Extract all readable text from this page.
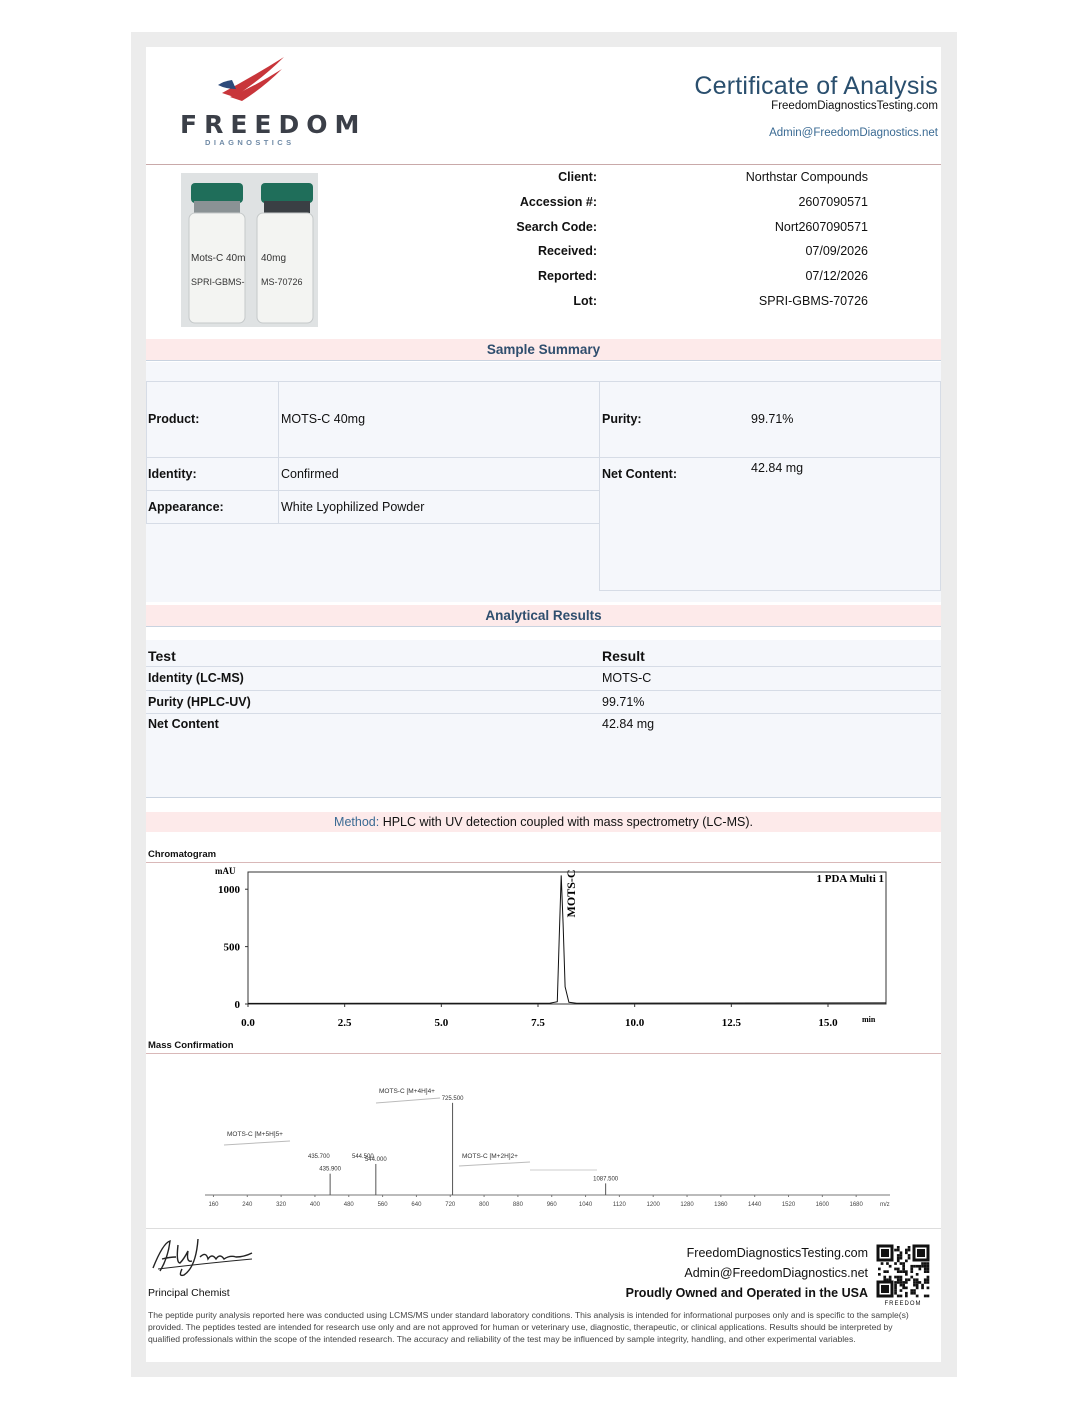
FREEDOM
DIAGNOSTICS
Certificate of Analysis
FreedomDiagnosticsTesting.com
Admin@FreedomDiagnostics.net
Mots-C 40m
SPRI-GBMS-
40mg
MS-70726
Client:	Northstar Compounds
Accession #:	2607090571
Search Code:	Nort2607090571
Received:	07/09/2026
Reported:	07/12/2026
Lot:	SPRI-GBMS-70726
Sample Summary
Product:	MOTS-C 40mg	Purity:	99.71%
Identity:	Confirmed	Net Content:	42.84 mg
Appearance:	White Lyophilized Powder
Analytical Results
Test	Result
Identity (LC-MS)	MOTS-C
Purity (HPLC-UV)	99.71%
Net Content	42.84 mg
Method: HPLC with UV detection coupled with mass spectrometry (LC-MS).
Chromatogram
mAU
1 PDA Multi 1
min
0.0	2.5	5.0	7.5	10.0	12.5	15.0
0
500
1000	MOTS-C
Mass Confirmation
160	240	320	400	480	560	640	720	800	880	960	1040	1120	1200	1280	1360	1440	1520	1600	1680
435.900
544.000
725.500
1087.500
m/z
MOTS-C [M+5H]5+
MOTS-C [M+4H]4+
MOTS-C [M+2H]2+
435.700	544.500
Principal Chemist
FreedomDiagnosticsTesting.com
Admin@FreedomDiagnostics.net
Proudly Owned and Operated in the USA
FREEDOM
The peptide purity analysis reported here was conducted using LCMS/MS under standard laboratory conditions. This analysis is intended for informational purposes only and is specific to the sample(s) provided. The peptides tested are intended for research use only and are not approved for human or veterinary use, diagnostic, therapeutic, or clinical applications. Results should be interpreted by qualified professionals within the scope of the intended research. The accuracy and reliability of the test may be influenced by sample integrity, handling, and other experimental variables.
